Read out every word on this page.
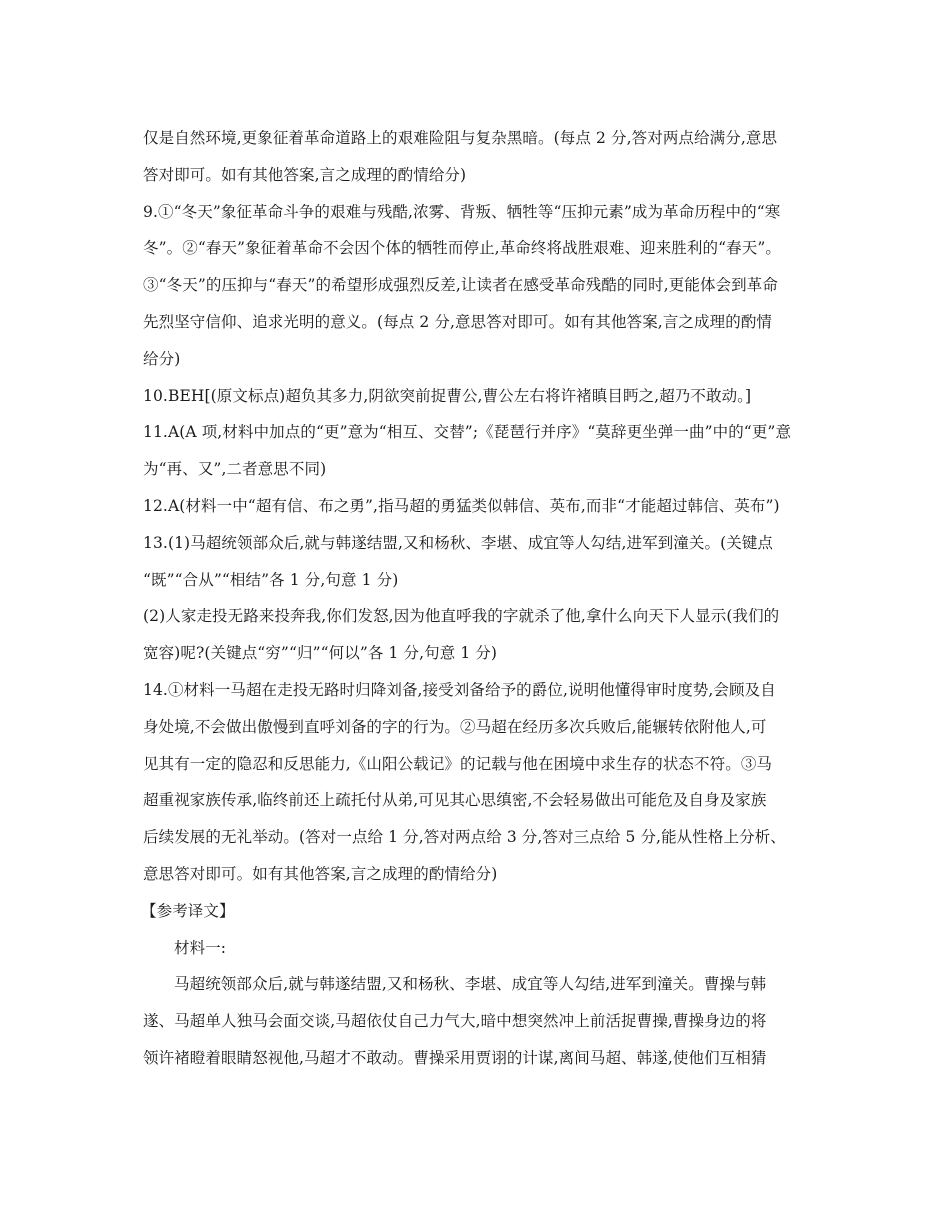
仅是自然环境,更象征着革命道路上的艰难险阻与复杂黑暗。(每点 2 分,答对两点给满分,意思
答对即可。如有其他答案,言之成理的酌情给分)
9.①“冬天”象征革命斗争的艰难与残酷,浓雾、背叛、牺牲等“压抑元素”成为革命历程中的“寒
冬”。②“春天”象征着革命不会因个体的牺牲而停止,革命终将战胜艰难、迎来胜利的“春天”。
③“冬天”的压抑与“春天”的希望形成强烈反差,让读者在感受革命残酷的同时,更能体会到革命
先烈坚守信仰、追求光明的意义。(每点 2 分,意思答对即可。如有其他答案,言之成理的酌情
给分)
10.BEH[(原文标点)超负其多力,阴欲突前捉曹公,曹公左右将许褚瞋目眄之,超乃不敢动。]
11.A(A 项,材料中加点的“更”意为“相互、交替”;《琵琶行并序》“莫辞更坐弹一曲”中的“更”意
为“再、又”,二者意思不同)
12.A(材料一中“超有信、布之勇”,指马超的勇猛类似韩信、英布,而非“才能超过韩信、英布”)
13.(1)马超统领部众后,就与韩遂结盟,又和杨秋、李堪、成宜等人勾结,进军到潼关。(关键点
“既”“合从”“相结”各 1 分,句意 1 分)
(2)人家走投无路来投奔我,你们发怒,因为他直呼我的字就杀了他,拿什么向天下人显示(我们的
宽容)呢?(关键点“穷”“归”“何以”各 1 分,句意 1 分)
14.①材料一马超在走投无路时归降刘备,接受刘备给予的爵位,说明他懂得审时度势,会顾及自
身处境,不会做出傲慢到直呼刘备的字的行为。②马超在经历多次兵败后,能辗转依附他人,可
见其有一定的隐忍和反思能力,《山阳公载记》的记载与他在困境中求生存的状态不符。③马
超重视家族传承,临终前还上疏托付从弟,可见其心思缜密,不会轻易做出可能危及自身及家族
后续发展的无礼举动。(答对一点给 1 分,答对两点给 3 分,答对三点给 5 分,能从性格上分析、
意思答对即可。如有其他答案,言之成理的酌情给分)
【参考译文】
材料一:
马超统领部众后,就与韩遂结盟,又和杨秋、李堪、成宜等人勾结,进军到潼关。曹操与韩
遂、马超单人独马会面交谈,马超依仗自己力气大,暗中想突然冲上前活捉曹操,曹操身边的将
领许褚瞪着眼睛怒视他,马超才不敢动。曹操采用贾诩的计谋,离间马超、韩遂,使他们互相猜
